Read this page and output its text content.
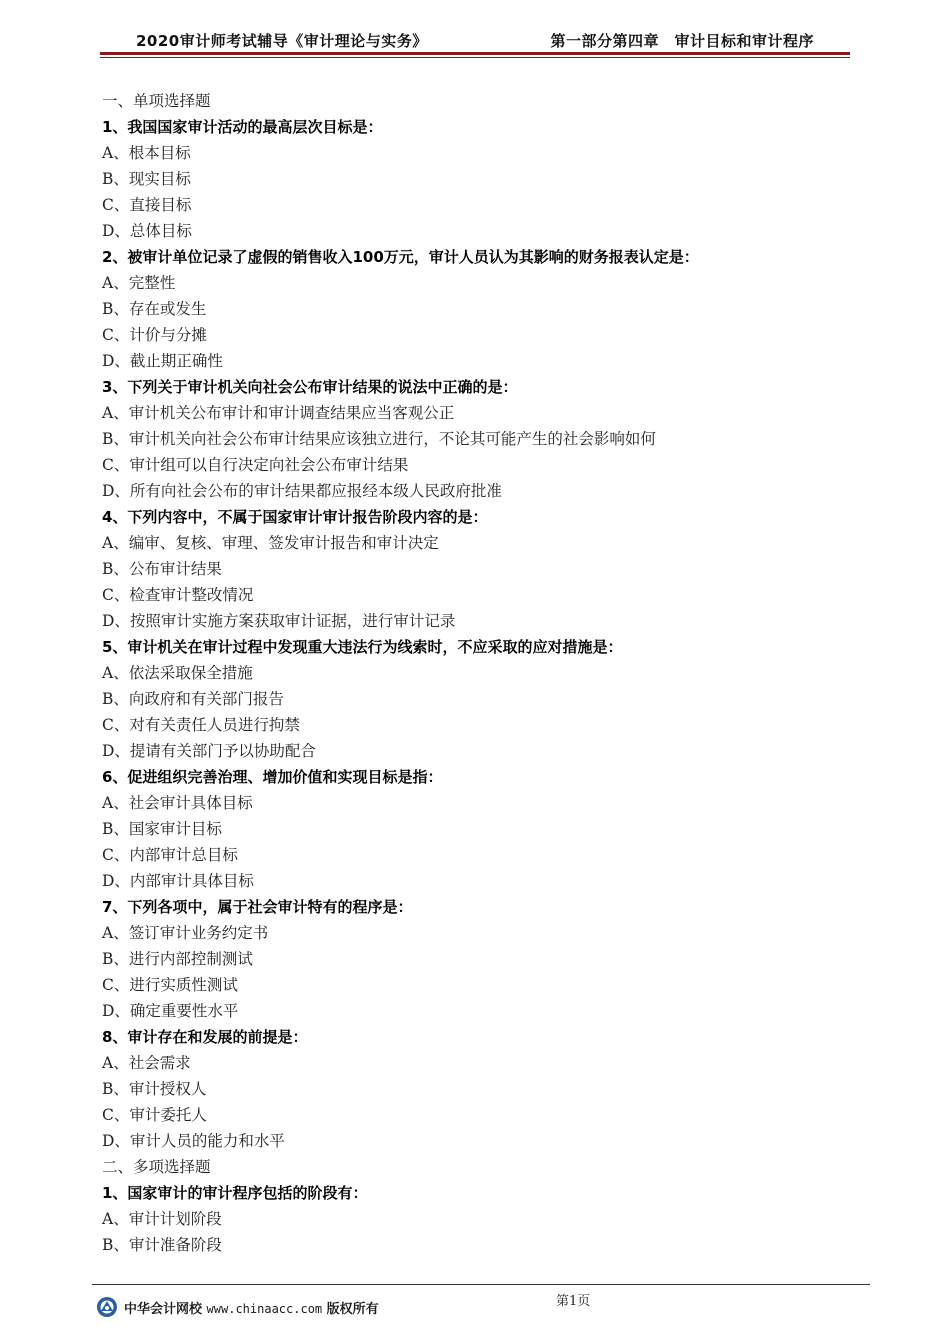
2020审计师考试辅导《审计理论与实务》	第一部分第四章　审计目标和审计程序
一、单项选择题
1、我国国家审计活动的最高层次目标是：
A、根本目标
B、现实目标
C、直接目标
D、总体目标
2、被审计单位记录了虚假的销售收入100万元，审计人员认为其影响的财务报表认定是：
A、完整性
B、存在或发生
C、计价与分摊
D、截止期正确性
3、下列关于审计机关向社会公布审计结果的说法中正确的是：
A、审计机关公布审计和审计调查结果应当客观公正
B、审计机关向社会公布审计结果应该独立进行，不论其可能产生的社会影响如何
C、审计组可以自行决定向社会公布审计结果
D、所有向社会公布的审计结果都应报经本级人民政府批准
4、下列内容中，不属于国家审计审计报告阶段内容的是：
A、编审、复核、审理、签发审计报告和审计决定
B、公布审计结果
C、检查审计整改情况
D、按照审计实施方案获取审计证据，进行审计记录
5、审计机关在审计过程中发现重大违法行为线索时，不应采取的应对措施是：
A、依法采取保全措施
B、向政府和有关部门报告
C、对有关责任人员进行拘禁
D、提请有关部门予以协助配合
6、促进组织完善治理、增加价值和实现目标是指：
A、社会审计具体目标
B、国家审计目标
C、内部审计总目标
D、内部审计具体目标
7、下列各项中，属于社会审计特有的程序是：
A、签订审计业务约定书
B、进行内部控制测试
C、进行实质性测试
D、确定重要性水平
8、审计存在和发展的前提是：
A、社会需求
B、审计授权人
C、审计委托人
D、审计人员的能力和水平
二、多项选择题
1、国家审计的审计程序包括的阶段有：
A、审计计划阶段
B、审计准备阶段
第1页
中华会计网校 www.chinaacc.com 版权所有
